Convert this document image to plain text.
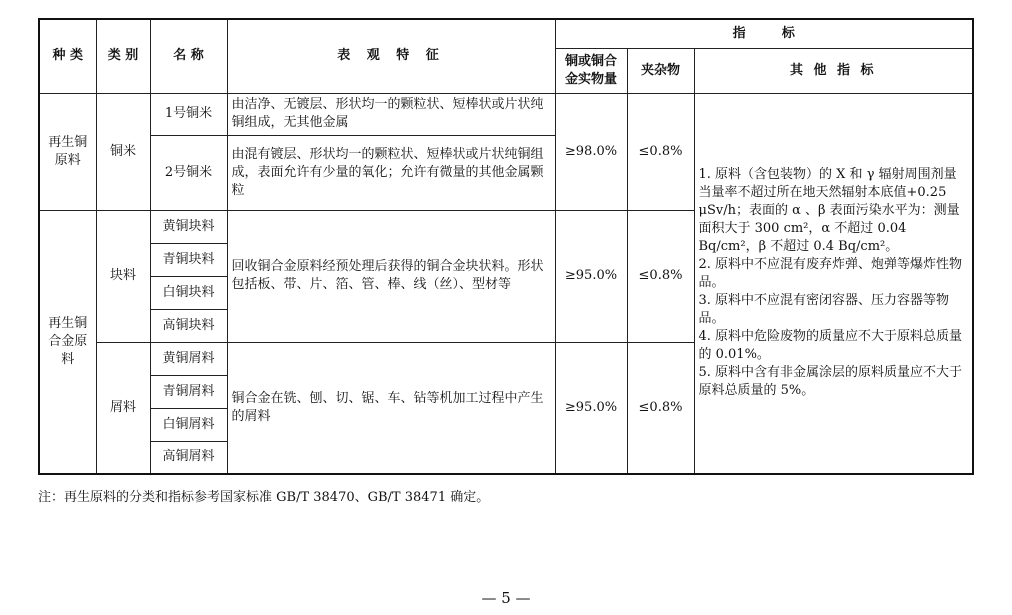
种 类	类 别	名 称	表 观 特 征	指        标		
				铜或铜合金实物量	夹杂物	其 他 指 标
再生铜原料	铜米	1号铜米	由洁净、无镀层、形状均一的颗粒状、短棒状或片状纯铜组成，无其他金属	≥98.0%	≤0.8%	1. 原料（含包装物）的 X 和 γ 辐射周围剂量当量率不超过所在地天然辐射本底值+0.25 μSv/h；表面的 α 、β 表面污染水平为：测量面积大于 300 cm²，α 不超过 0.04 Bq/cm²，β 不超过 0.4 Bq/cm²。

2. 原料中不应混有废弃炸弹、炮弹等爆炸性物品。

3. 原料中不应混有密闭容器、压力容器等物品。

4. 原料中危险废物的质量应不大于原料总质量的 0.01%。

5. 原料中含有非金属涂层的原料质量应不大于原料总质量的 5%。

		2号铜米	由混有镀层、形状均一的颗粒状、短棒状或片状纯铜组成，表面允许有少量的氧化；允许有微量的其他金属颗粒			
再生铜合金原料	块料	黄铜块料	回收铜合金原料经预处理后获得的铜合金块状料。形状包括板、带、片、箔、管、棒、线（丝）、型材等	≥95.0%	≤0.8%	
		青铜块料				
		白铜块料				
		高铜块料				
	屑料	黄铜屑料	铜合金在铣、刨、切、锯、车、钻等机加工过程中产生的屑料	≥95.0%	≤0.8%	
		青铜屑料				
		白铜屑料				
		高铜屑料				
注：再生原料的分类和指标参考国家标准 GB/T 38470、GB/T 38471 确定。
— 5 —
